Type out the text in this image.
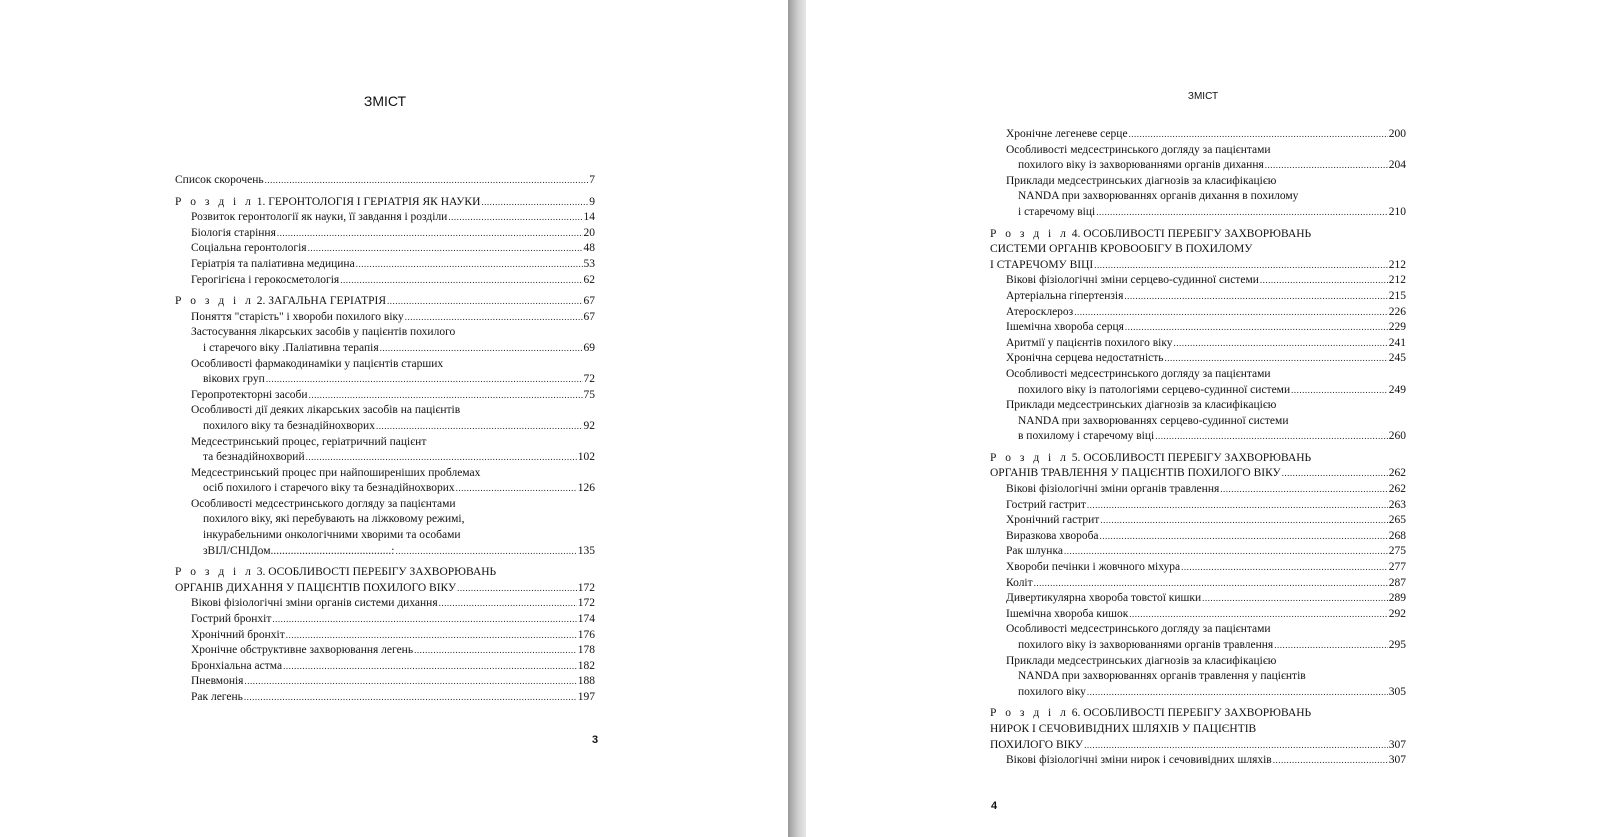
ЗМІСТ
Список скорочень .....	7
Р о з д і л 1. ГЕРОНТОЛОГІЯ І ГЕРІАТРІЯ ЯК НАУКИ .....	9
Розвиток геронтології як науки, її завдання і розділи .....	14
Біологія старіння .....	20
Соціальна геронтологія .....	48
Геріатрія та паліативна медицина .....	53
Герогігієна і герокосметологія .....	62
Р о з д і л 2. ЗАГАЛЬНА ГЕРІАТРІЯ .....	67
Поняття "старість" і хвороби похилого віку .....	67
Застосування лікарських засобів у пацієнтів похилого
і старечого віку .Паліативна терапія .....	69
Особливості фармакодинаміки у пацієнтів старших
вікових груп .....	72
Геропротекторні засоби .....	75
Особливості дії деяких лікарських засобів на пацієнтів
похилого віку та безнадійнохворих .....	92
Медсестринський процес, геріатричний пацієнт
та безнадійнохворий .....	102
Медсестринський процес при найпоширеніших проблемах
осіб похилого і старечого віку та безнадійнохворих .....	126
Особливості медсестринського догляду за пацієнтами
похилого віку, які перебувають на ліжковому режимі,
інкурабельними онкологічними хворими та особами
зВІЛ/СНІДом..........................................: .....	135
Р о з д і л 3. ОСОБЛИВОСТІ ПЕРЕБІГУ ЗАХВОРЮВАНЬ
ОРГАНІВ ДИХАННЯ У ПАЦІЄНТІВ ПОХИЛОГО ВІКУ .....	172
Вікові фізіологічні зміни органів системи дихання .....	172
Гострий бронхіт .....	174
Хронічний бронхіт .....	176
Хронічне обструктивне захворювання легень .....	178
Бронхіальна астма .....	182
Пневмонія .....	188
Рак легень .....	197
3
ЗМІСТ
Хронічне легеневе серце .....	200
Особливості медсестринського догляду за пацієнтами
похилого віку із захворюваннями органів дихання .....	204
Приклади медсестринських діагнозів за класифікацією
NANDA при захворюваннях органів дихання в похилому
і старечому віці .....	210
Р о з д і л 4. ОСОБЛИВОСТІ ПЕРЕБІГУ ЗАХВОРЮВАНЬ
СИСТЕМИ ОРГАНІВ КРОВООБІГУ В ПОХИЛОМУ
І СТАРЕЧОМУ ВІЦІ .....	212
Вікові фізіологічні зміни серцево-судинної системи .....	212
Артеріальна гіпертензія .....	215
Атеросклероз .....	226
Ішемічна хвороба серця .....	229
Аритмії у пацієнтів похилого віку .....	241
Хронічна серцева недостатність .....	245
Особливості медсестринського догляду за пацієнтами
похилого віку із патологіями серцево-судинної системи .....	249
Приклади медсестринських діагнозів за класифікацією
NANDA при захворюваннях серцево-судинної системи
в похилому і старечому віці .....	260
Р о з д і л 5. ОСОБЛИВОСТІ ПЕРЕБІГУ ЗАХВОРЮВАНЬ
ОРГАНІВ ТРАВЛЕННЯ У ПАЦІЄНТІВ ПОХИЛОГО ВІКУ .....	262
Вікові фізіологічні зміни органів травлення .....	262
Гострий гастрит .....	263
Хронічний гастрит .....	265
Виразкова хвороба .....	268
Рак шлунка .....	275
Хвороби печінки і жовчного міхура .....	277
Коліт .....	287
Дивертикулярна хвороба товстої кишки .....	289
Ішемічна хвороба кишок .....	292
Особливості медсестринського догляду за пацієнтами
похилого віку із захворюваннями органів травлення .....	295
Приклади медсестринських діагнозів за класифікацією
NANDA при захворюваннях органів травлення у пацієнтів
похилого віку .....	305
Р о з д і л 6. ОСОБЛИВОСТІ ПЕРЕБІГУ ЗАХВОРЮВАНЬ
НИРОК І СЕЧОВИВІДНИХ ШЛЯХІВ У ПАЦІЄНТІВ
ПОХИЛОГО ВІКУ .....	307
Вікові фізіологічні зміни нирок і сечовивідних шляхів .....	307
4
